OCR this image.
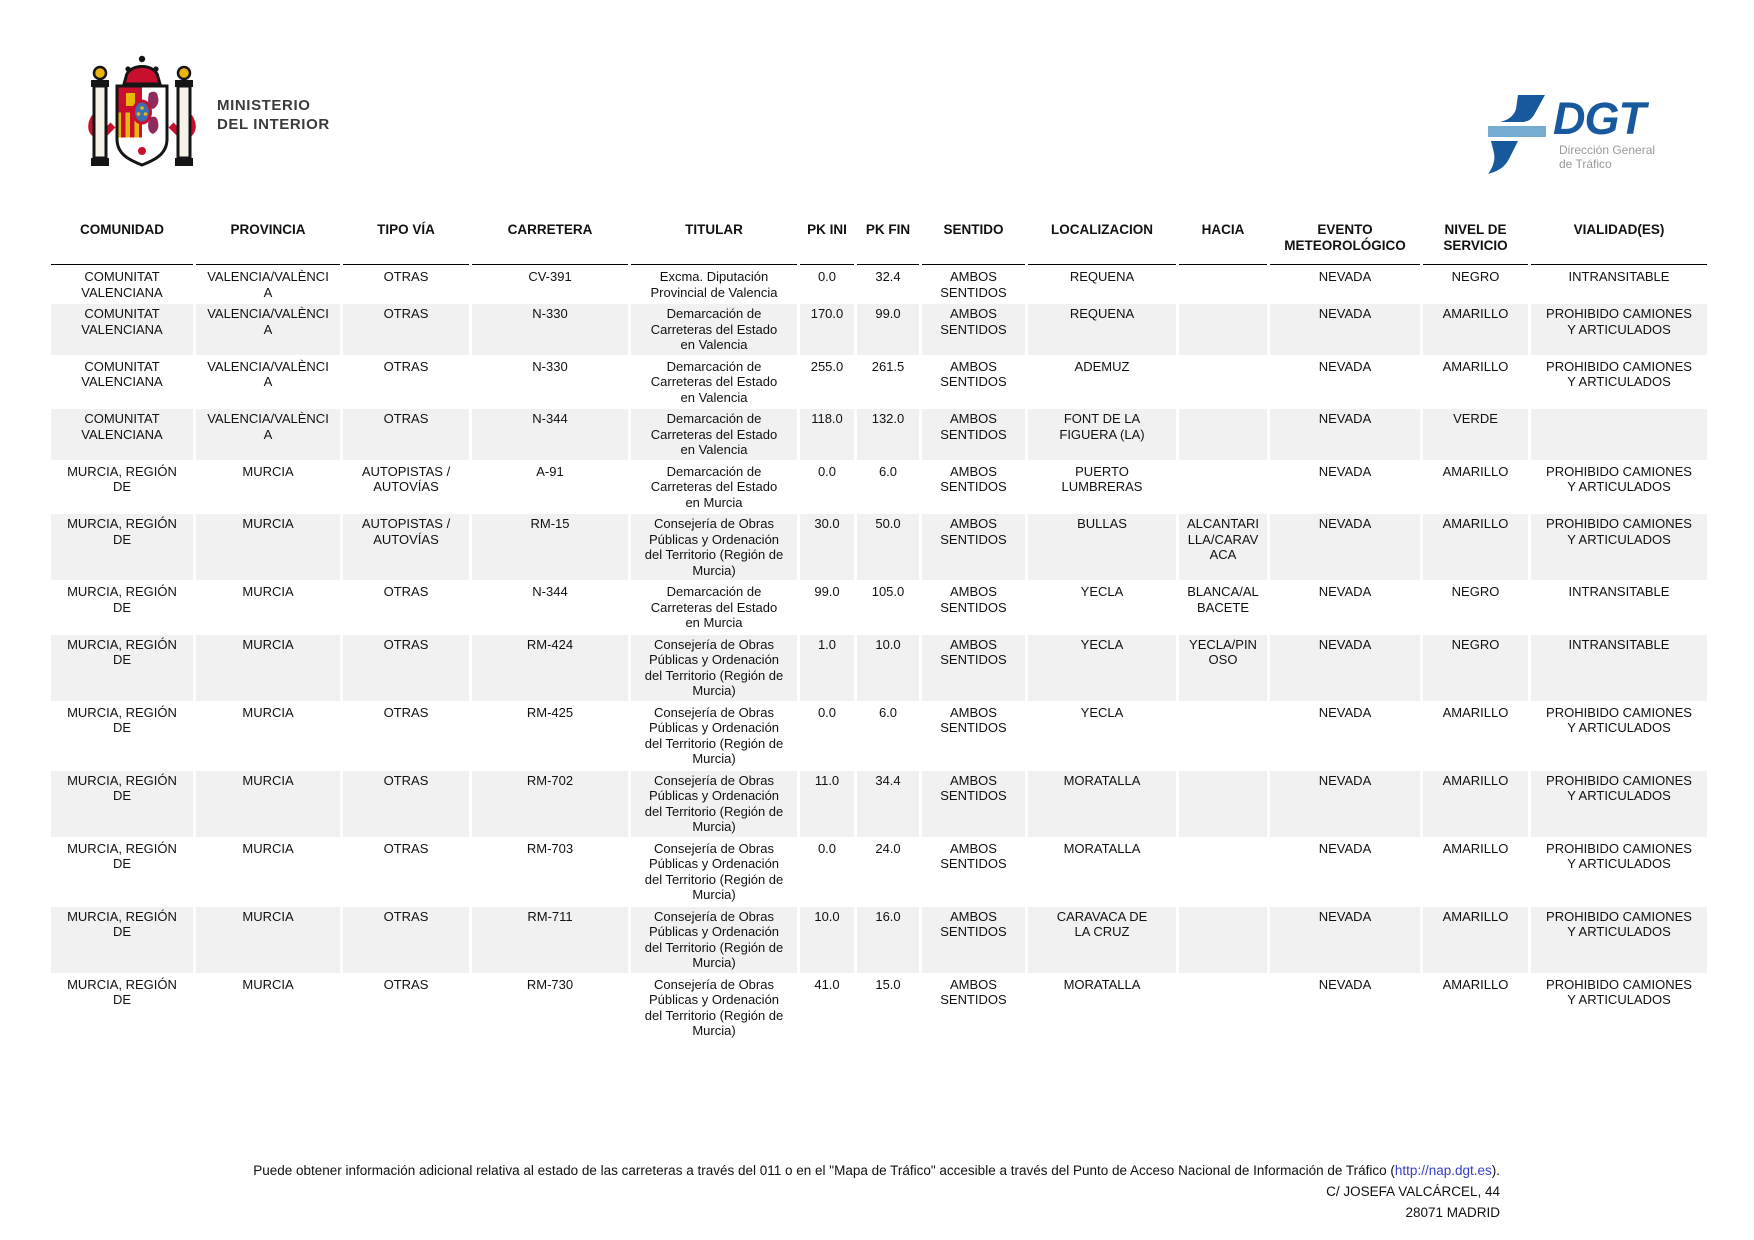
MINISTERIO
DEL INTERIOR	DGT
Dirección General
de Tráfico
COMUNIDAD	PROVINCIA	TIPO VÍA	CARRETERA	TITULAR	PK INI	PK FIN	SENTIDO	LOCALIZACION	HACIA	EVENTO METEOROLÓGICO	NIVEL DE SERVICIO	VIALIDAD(ES)
COMUNITAT VALENCIANA	VALENCIA/VALÈNCIA	OTRAS	CV-391	Excma. Diputación Provincial de Valencia	0.0	32.4	AMBOS SENTIDOS	REQUENA		NEVADA	NEGRO	INTRANSITABLE
COMUNITAT VALENCIANA	VALENCIA/VALÈNCIA	OTRAS	N-330	Demarcación de Carreteras del Estado en Valencia	170.0	99.0	AMBOS SENTIDOS	REQUENA		NEVADA	AMARILLO	PROHIBIDO CAMIONES Y ARTICULADOS
COMUNITAT VALENCIANA	VALENCIA/VALÈNCIA	OTRAS	N-330	Demarcación de Carreteras del Estado en Valencia	255.0	261.5	AMBOS SENTIDOS	ADEMUZ		NEVADA	AMARILLO	PROHIBIDO CAMIONES Y ARTICULADOS
COMUNITAT VALENCIANA	VALENCIA/VALÈNCIA	OTRAS	N-344	Demarcación de Carreteras del Estado en Valencia	118.0	132.0	AMBOS SENTIDOS	FONT DE LA FIGUERA (LA)		NEVADA	VERDE	
MURCIA, REGIÓN DE	MURCIA	AUTOPISTAS / AUTOVÍAS	A-91	Demarcación de Carreteras del Estado en Murcia	0.0	6.0	AMBOS SENTIDOS	PUERTO LUMBRERAS		NEVADA	AMARILLO	PROHIBIDO CAMIONES Y ARTICULADOS
MURCIA, REGIÓN DE	MURCIA	AUTOPISTAS / AUTOVÍAS	RM-15	Consejería de Obras Públicas y Ordenación del Territorio (Región de Murcia)	30.0	50.0	AMBOS SENTIDOS	BULLAS	ALCANTARILLA/CARAVACA	NEVADA	AMARILLO	PROHIBIDO CAMIONES Y ARTICULADOS
MURCIA, REGIÓN DE	MURCIA	OTRAS	N-344	Demarcación de Carreteras del Estado en Murcia	99.0	105.0	AMBOS SENTIDOS	YECLA	BLANCA/ALBACETE	NEVADA	NEGRO	INTRANSITABLE
MURCIA, REGIÓN DE	MURCIA	OTRAS	RM-424	Consejería de Obras Públicas y Ordenación del Territorio (Región de Murcia)	1.0	10.0	AMBOS SENTIDOS	YECLA	YECLA/PINOSO	NEVADA	NEGRO	INTRANSITABLE
MURCIA, REGIÓN DE	MURCIA	OTRAS	RM-425	Consejería de Obras Públicas y Ordenación del Territorio (Región de Murcia)	0.0	6.0	AMBOS SENTIDOS	YECLA		NEVADA	AMARILLO	PROHIBIDO CAMIONES Y ARTICULADOS
MURCIA, REGIÓN DE	MURCIA	OTRAS	RM-702	Consejería de Obras Públicas y Ordenación del Territorio (Región de Murcia)	11.0	34.4	AMBOS SENTIDOS	MORATALLA		NEVADA	AMARILLO	PROHIBIDO CAMIONES Y ARTICULADOS
MURCIA, REGIÓN DE	MURCIA	OTRAS	RM-703	Consejería de Obras Públicas y Ordenación del Territorio (Región de Murcia)	0.0	24.0	AMBOS SENTIDOS	MORATALLA		NEVADA	AMARILLO	PROHIBIDO CAMIONES Y ARTICULADOS
MURCIA, REGIÓN DE	MURCIA	OTRAS	RM-711	Consejería de Obras Públicas y Ordenación del Territorio (Región de Murcia)	10.0	16.0	AMBOS SENTIDOS	CARAVACA DE LA CRUZ		NEVADA	AMARILLO	PROHIBIDO CAMIONES Y ARTICULADOS
MURCIA, REGIÓN DE	MURCIA	OTRAS	RM-730	Consejería de Obras Públicas y Ordenación del Territorio (Región de Murcia)	41.0	15.0	AMBOS SENTIDOS	MORATALLA		NEVADA	AMARILLO	PROHIBIDO CAMIONES Y ARTICULADOS
Puede obtener información adicional relativa al estado de las carreteras a través del 011 o en el "Mapa de Tráfico" accesible a través del Punto de Acceso Nacional de Información de Tráfico (http://nap.dgt.es).
C/ JOSEFA VALCÁRCEL, 44
28071 MADRID
